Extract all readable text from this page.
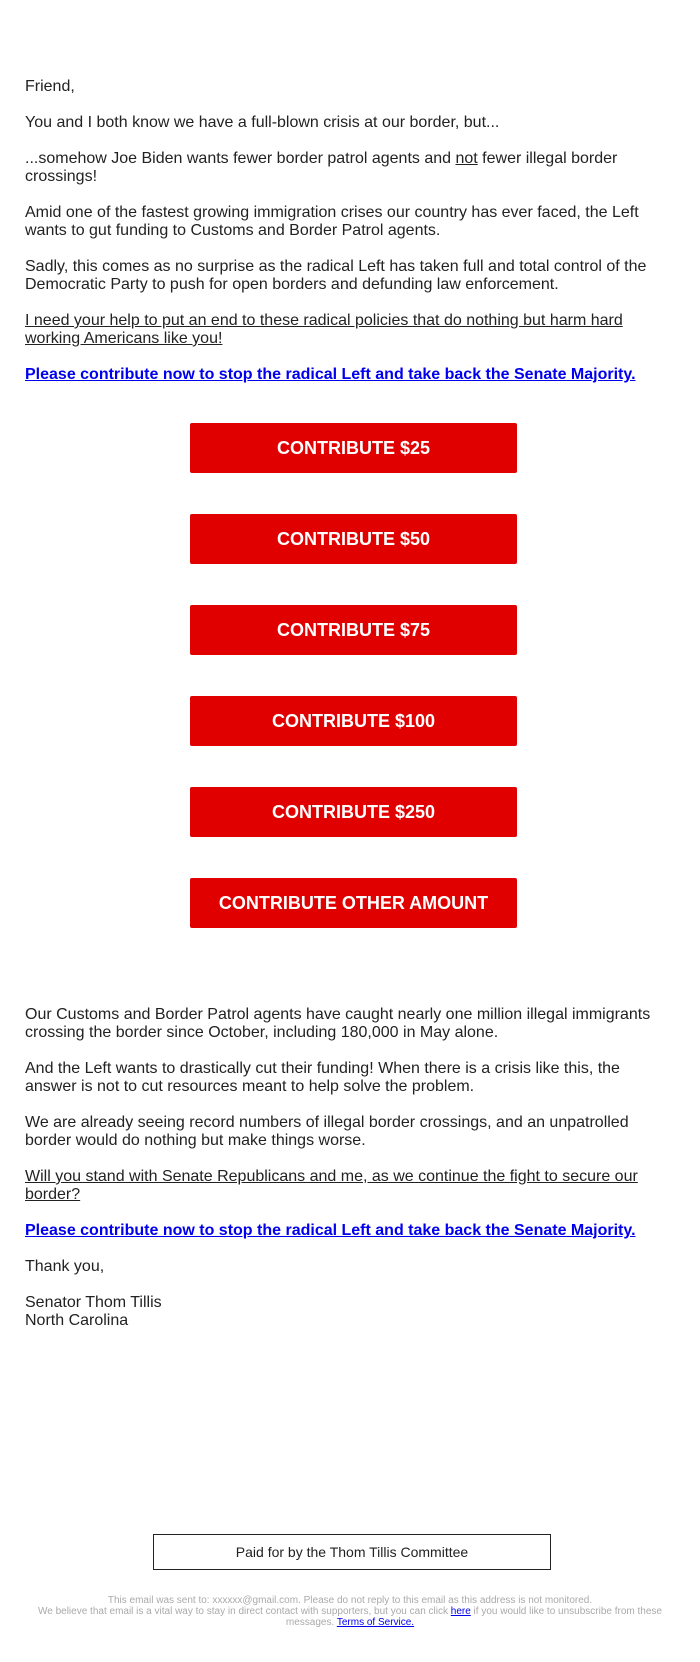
Friend,

You and I both know we have a full-blown crisis at our border, but...

...somehow Joe Biden wants fewer border patrol agents and not fewer illegal border crossings!

Amid one of the fastest growing immigration crises our country has ever faced, the Left wants to gut funding to Customs and Border Patrol agents.

Sadly, this comes as no surprise as the radical Left has taken full and total control of the Democratic Party to push for open borders and defunding law enforcement.

I need your help to put an end to these radical policies that do nothing but harm hard working Americans like you!

Please contribute now to stop the radical Left and take back the Senate Majority.

CONTRIBUTE $25
CONTRIBUTE $50
CONTRIBUTE $75
CONTRIBUTE $100
CONTRIBUTE $250
CONTRIBUTE OTHER AMOUNT

Our Customs and Border Patrol agents have caught nearly one million illegal immigrants crossing the border since October, including 180,000 in May alone.

And the Left wants to drastically cut their funding! When there is a crisis like this, the answer is not to cut resources meant to help solve the problem.

We are already seeing record numbers of illegal border crossings, and an unpatrolled border would do nothing but make things worse.

Will you stand with Senate Republicans and me, as we continue the fight to secure our border?

Please contribute now to stop the radical Left and take back the Senate Majority.

Thank you,

Senator Thom Tillis
North Carolina

Paid for by the Thom Tillis Committee
This email was sent to: xxxxxx@gmail.com. Please do not reply to this email as this address is not monitored.
We believe that email is a vital way to stay in direct contact with supporters, but you can click here if you would like to unsubscribe from these messages. Terms of Service.
